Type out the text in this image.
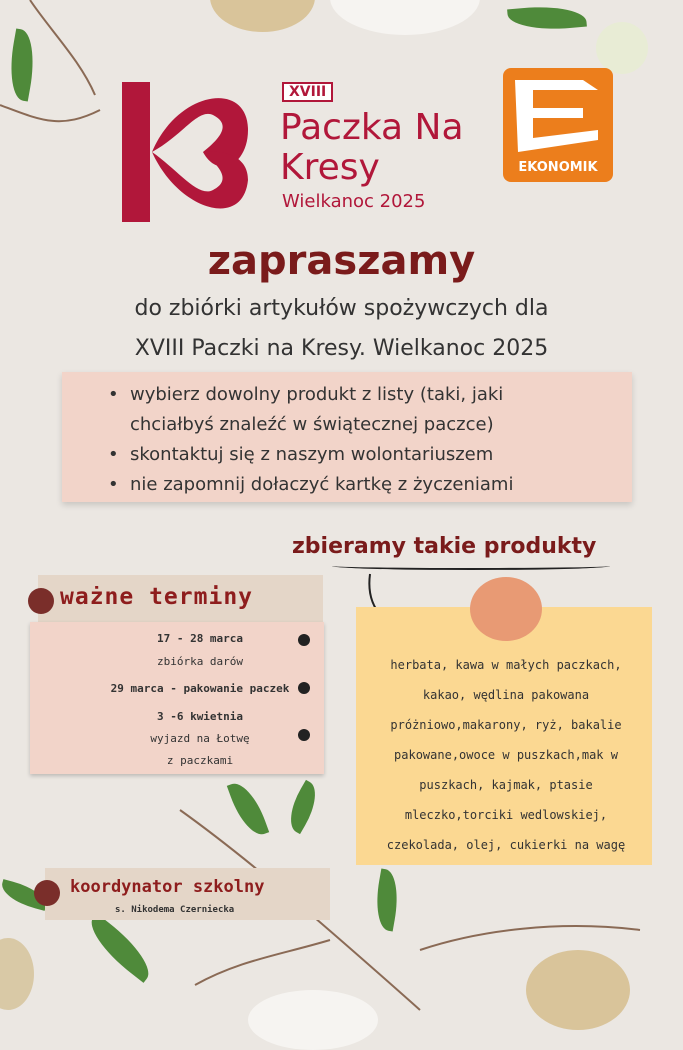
XVIII
Paczka Na Kresy
Wielkanoc 2025
EKONOMIK
zapraszamy
do zbiórki artykułów spożywczych dla
XVIII Paczki na Kresy. Wielkanoc 2025
• wybierz dowolny produkt z listy (taki, jaki
chciałbyś znaleźć w świątecznej paczce)
• skontaktuj się z naszym wolontariuszem
• nie zapomnij dołaczyć kartkę z życzeniami
zbieramy takie produkty
herbata, kawa w małych paczkach,
kakao, wędlina pakowana
próżniowo,makarony, ryż, bakalie
pakowane,owoce w puszkach,mak w
puszkach, kajmak, ptasie
mleczko,torciki wedlowskiej,
czekolada, olej, cukierki na wagę
ważne terminy
17 - 28 marca
zbiórka darów
29 marca - pakowanie paczek
3 -6 kwietnia
wyjazd na Łotwę
z paczkami
koordynator szkolny
s. Nikodema Czerniecka
